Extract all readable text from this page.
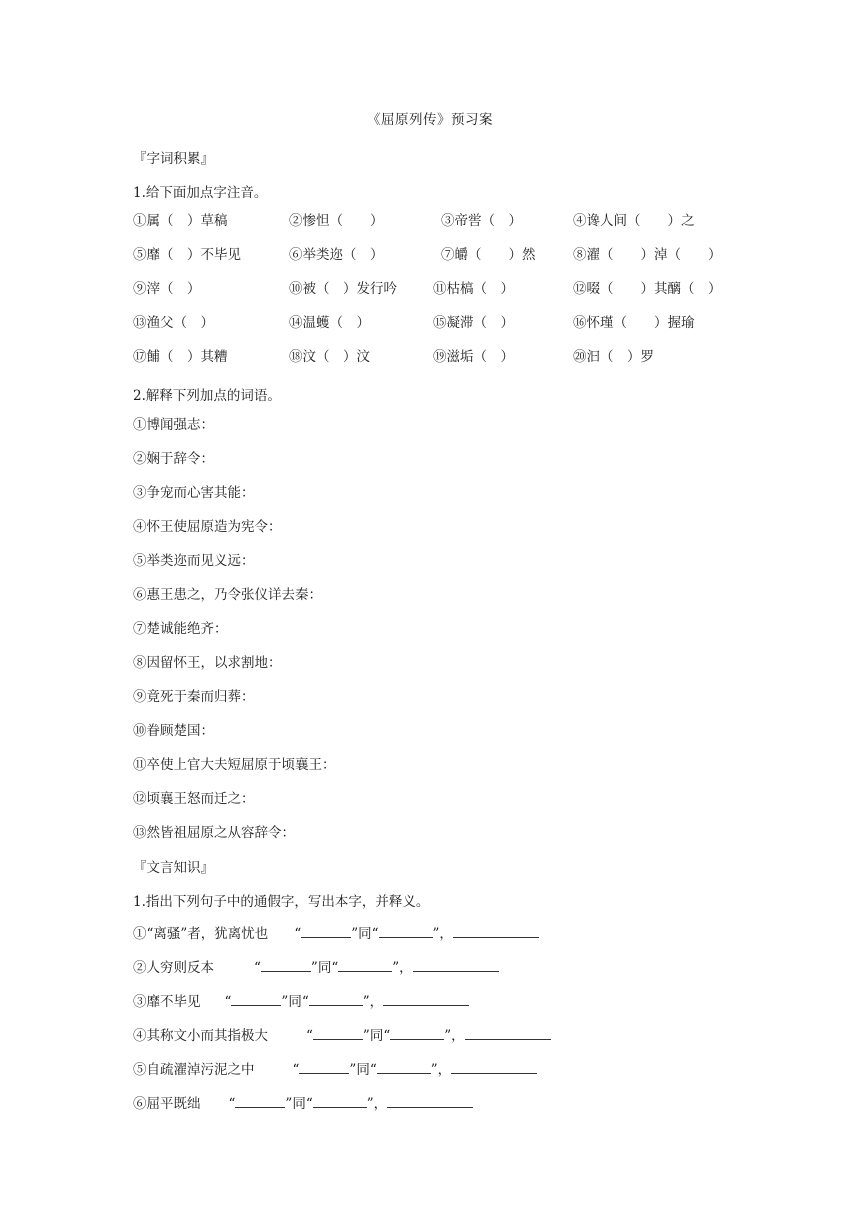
《屈原列传》预习案
『字词积累』
1.给下面加点字注音。
①属（　）草稿	②惨怛（　　）	③帝喾（　）	④谗人间（　　）之
⑤靡（　）不毕见	⑥举类迩（　）	⑦皭（　　）然	⑧濯（　　）淖（　　）
⑨滓（　）	⑩被（　）发行吟	⑪枯槁（　）	⑫啜（　　）其醨（　）
⑬渔父（　）	⑭温蠖（　）	⑮凝滞（　）	⑯怀瑾（　　）握瑜
⑰餔（　）其糟	⑱汶（　）汶	⑲滋垢（　）	⑳汩（　）罗
2.解释下列加点的词语。
①博闻强志：
②娴于辞令：
③争宠而心害其能：
④怀王使屈原造为宪令：
⑤举类迩而见义远：
⑥惠王患之，乃令张仪详去秦：
⑦楚诚能绝齐：
⑧因留怀王，以求割地：
⑨竟死于秦而归葬：
⑩眷顾楚国：
⑪卒使上官大夫短屈原于顷襄王：
⑫顷襄王怒而迁之：
⑬然皆祖屈原之从容辞令：
『文言知识』
1.指出下列句子中的通假字，写出本字，并释义。
①“离骚”者，犹离忧也 “	”同“	”，
②人穷则反本	“	”同“	”，
③靡不毕见 “	”同“	”，
④其称文小而其指极大	“	”同“	”，
⑤自疏濯淖污泥之中	“	”同“	”，
⑥屈平既绌 “	”同“	”，
